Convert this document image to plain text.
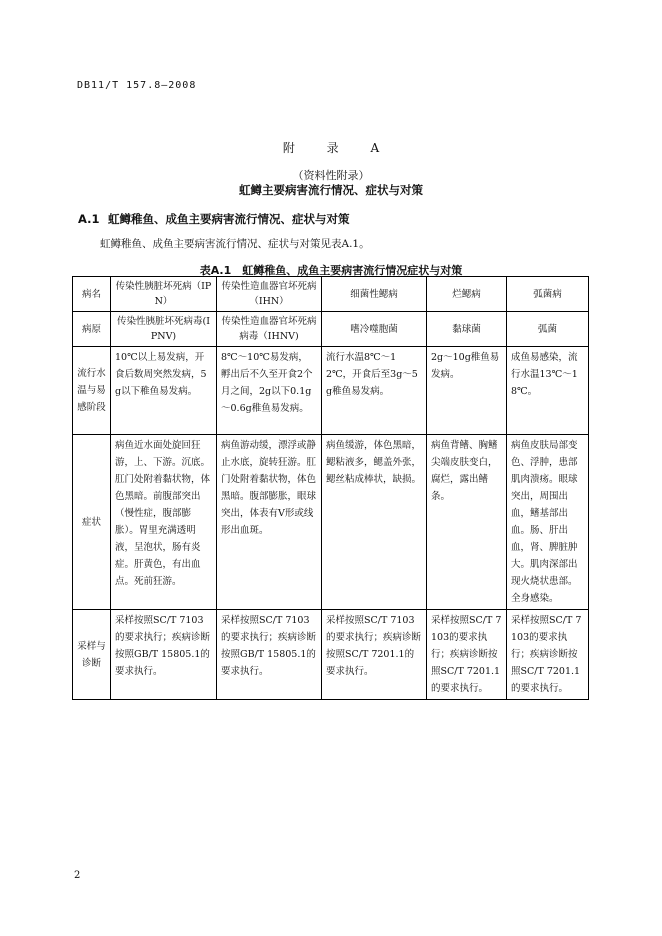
DB11/T 157.8—2008
附 录 A
（资料性附录）
虹鳟主要病害流行情况、症状与对策
A.1 虹鳟稚鱼、成鱼主要病害流行情况、症状与对策
虹鳟稚鱼、成鱼主要病害流行情况、症状与对策见表A.1。
表A.1　虹鳟稚鱼、成鱼主要病害流行情况症状与对策
病名	传染性胰脏坏死病（IPN）	传染性造血器官坏死病（IHN）	细菌性鳃病	烂鳃病	弧菌病
病原	传染性胰脏坏死病毒(IPNV)	传染性造血器官坏死病病毒（IHNV)	嗜冷噬胞菌	黏球菌	弧菌
流行水温与易感阶段	10℃以上易发病，开食后数周突然发病，5g以下稚鱼易发病。	8℃～10℃易发病，孵出后不久至开食2个月之间，2g以下0.1g～0.6g稚鱼易发病。	流行水温8℃～12℃，开食后至3g～5g稚鱼易发病。	2g～10g稚鱼易发病。	成鱼易感染，流行水温13℃～18℃。
症状	病鱼近水面处旋回狂游，上、下游。沉底。肛门处附着黏状物，体色黑暗。前腹部突出（慢性症，腹部膨胀）。胃里充满透明液，呈泡状，肠有炎症。肝黄色，有出血点。死前狂游。	病鱼游动缓，漂浮或静止水底，旋转狂游。肛门处附着黏状物，体色黑暗。腹部膨胀，眼球突出，体表有V形或线形出血斑。	病鱼缓游，体色黑暗，鳃粘液多，鳃盖外张，鳃丝粘成棒状，缺损。	病鱼背鳍、胸鳍尖端皮肤变白，腐烂，露出鳍条。	病鱼皮肤局部变色、浮肿，患部肌肉溃疡。眼球突出，周围出血，鳍基部出血。肠、肝出血，肾、脾脏肿大。肌肉深部出现火烧状患部。全身感染。
采样与诊断	采样按照SC/T 7103的要求执行；疾病诊断按照GB/T 15805.1的要求执行。	采样按照SC/T 7103的要求执行；疾病诊断按照GB/T 15805.1的要求执行。	采样按照SC/T 7103的要求执行；疾病诊断按照SC/T 7201.1的要求执行。	采样按照SC/T 7103的要求执行；疾病诊断按照SC/T 7201.1的要求执行。	采样按照SC/T 7103的要求执行；疾病诊断按照SC/T 7201.1的要求执行。
2
